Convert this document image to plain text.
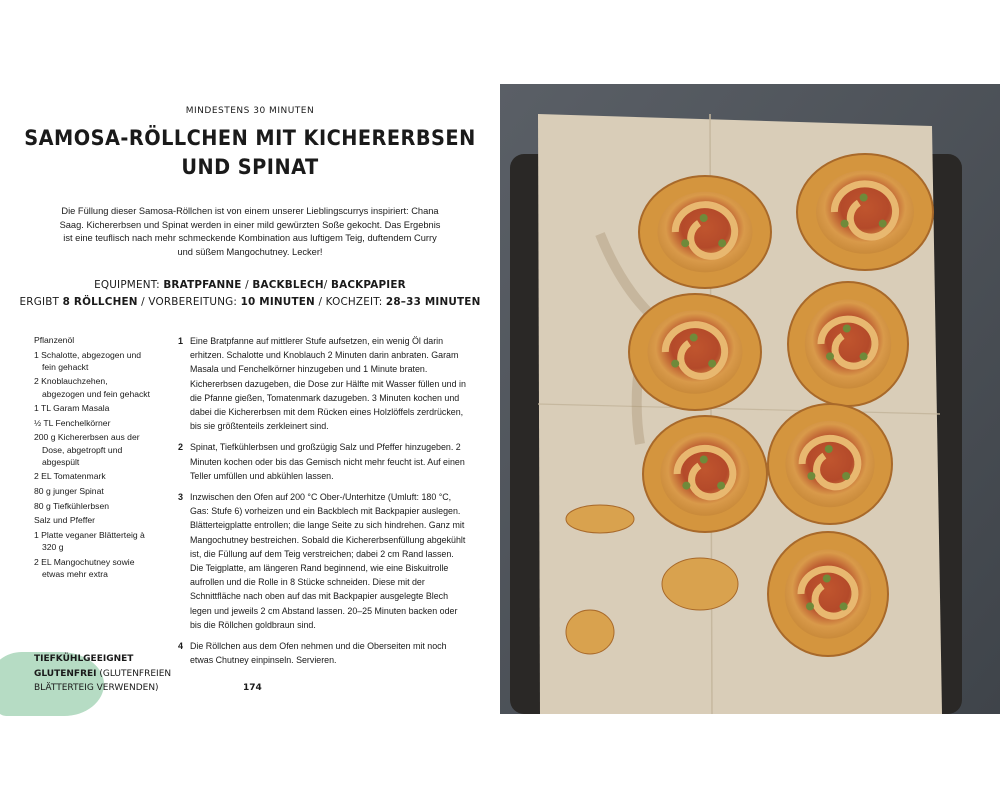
MINDESTENS 30 MINUTEN
SAMOSA-RÖLLCHEN MIT KICHERERBSEN
UND SPINAT
Die Füllung dieser Samosa-Röllchen ist von einem unserer Lieblingscurrys inspiriert: Chana Saag. Kichererbsen und Spinat werden in einer mild gewürzten Soße gekocht. Das Ergebnis ist eine teuflisch nach mehr schmeckende Kombination aus luftigem Teig, duftendem Curry und süßem Mangochutney. Lecker!
EQUIPMENT: BRATPFANNE / BACKBLECH/ BACKPAPIER
ERGIBT 8 RÖLLCHEN / VORBEREITUNG: 10 MINUTEN / KOCHZEIT: 28–33 MINUTEN
Pflanzenöl
1 Schalotte, abgezogen und fein gehackt
2 Knoblauchzehen, abgezogen und fein gehackt
1 TL Garam Masala
½ TL Fenchelkörner
200 g Kichererbsen aus der Dose, abgetropft und abgespült
2 EL Tomatenmark
80 g junger Spinat
80 g Tiefkühlerbsen
Salz und Pfeffer
1 Platte veganer Blätterteig à 320 g
2 EL Mangochutney sowie etwas mehr extra
1 Eine Bratpfanne auf mittlerer Stufe aufsetzen, ein wenig Öl darin erhitzen. Schalotte und Knoblauch 2 Minuten darin anbraten. Garam Masala und Fenchelkörner hinzugeben und 1 Minute braten. Kichererbsen dazugeben, die Dose zur Hälfte mit Wasser füllen und in die Pfanne gießen, Tomatenmark dazugeben. 3 Minuten kochen und dabei die Kichererbsen mit dem Rücken eines Holzlöffels zerdrücken, bis sie größtenteils zerkleinert sind.
2 Spinat, Tiefkühlerbsen und großzügig Salz und Pfeffer hinzugeben. 2 Minuten kochen oder bis das Gemisch nicht mehr feucht ist. Auf einen Teller umfüllen und abkühlen lassen.
3 Inzwischen den Ofen auf 200 °C Ober-/Unterhitze (Umluft: 180 °C, Gas: Stufe 6) vorheizen und ein Backblech mit Backpapier auslegen. Blätterteigplatte entrollen; die lange Seite zu sich hindrehen. Ganz mit Mangochutney bestreichen. Sobald die Kichererbsenfüllung abgekühlt ist, die Füllung auf dem Teig verstreichen; dabei 2 cm Rand lassen. Die Teigplatte, am längeren Rand beginnend, wie eine Biskuitrolle aufrollen und die Rolle in 8 Stücke schneiden. Diese mit der Schnittfläche nach oben auf das mit Backpapier ausgelegte Blech legen und jeweils 2 cm Abstand lassen. 20–25 Minuten backen oder bis die Röllchen goldbraun sind.
4 Die Röllchen aus dem Ofen nehmen und die Oberseiten mit noch etwas Chutney einpinseln. Servieren.
TIEFKÜHLGEEIGNET
GLUTENFREI (GLUTENFREIEN
BLÄTTERTEIG VERWENDEN)	174
